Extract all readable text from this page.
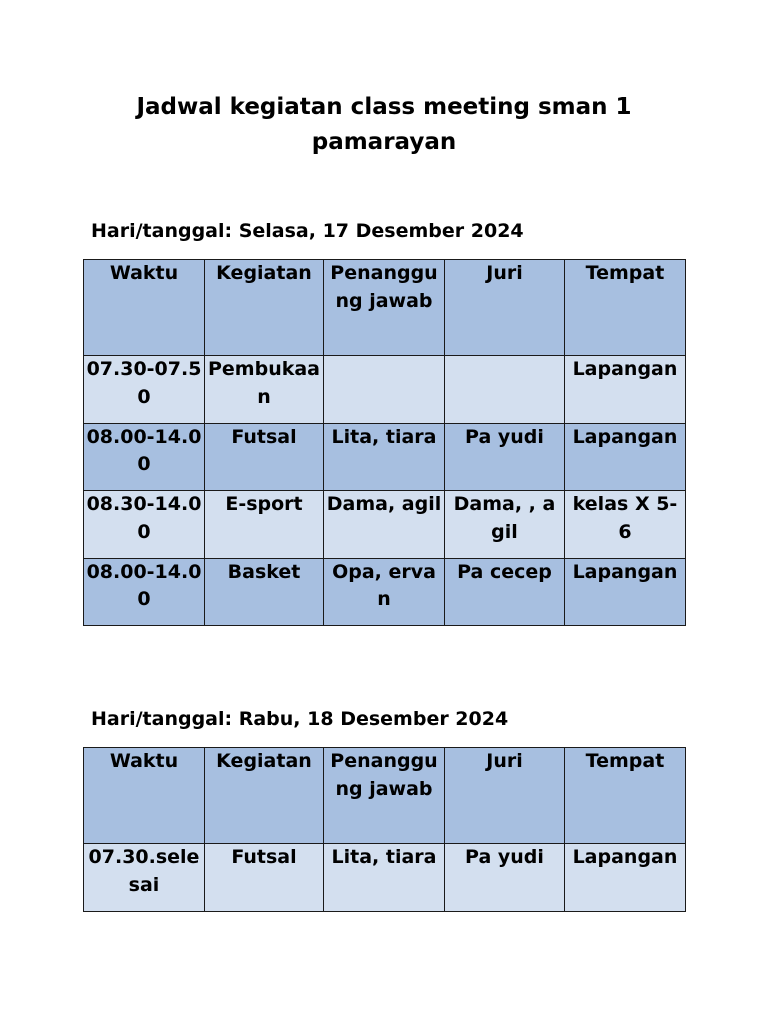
Jadwal kegiatan class meeting sman 1 pamarayan

Hari/tanggal: Selasa, 17 Desember 2024

Waktu	Kegiatan	Penanggung jawab	Juri	Tempat
07.30-07.50	Pembukaan			Lapangan
08.00-14.00	Futsal	Lita, tiara	Pa yudi	Lapangan
08.30-14.00	E-sport	Dama, agil	Dama, , agil	kelas X 5-6
08.00-14.00	Basket	Opa, ervan	Pa cecep	Lapangan

Hari/tanggal: Rabu, 18 Desember 2024

Waktu	Kegiatan	Penanggung jawab	Juri	Tempat
07.30.selesai	Futsal	Lita, tiara	Pa yudi	Lapangan
